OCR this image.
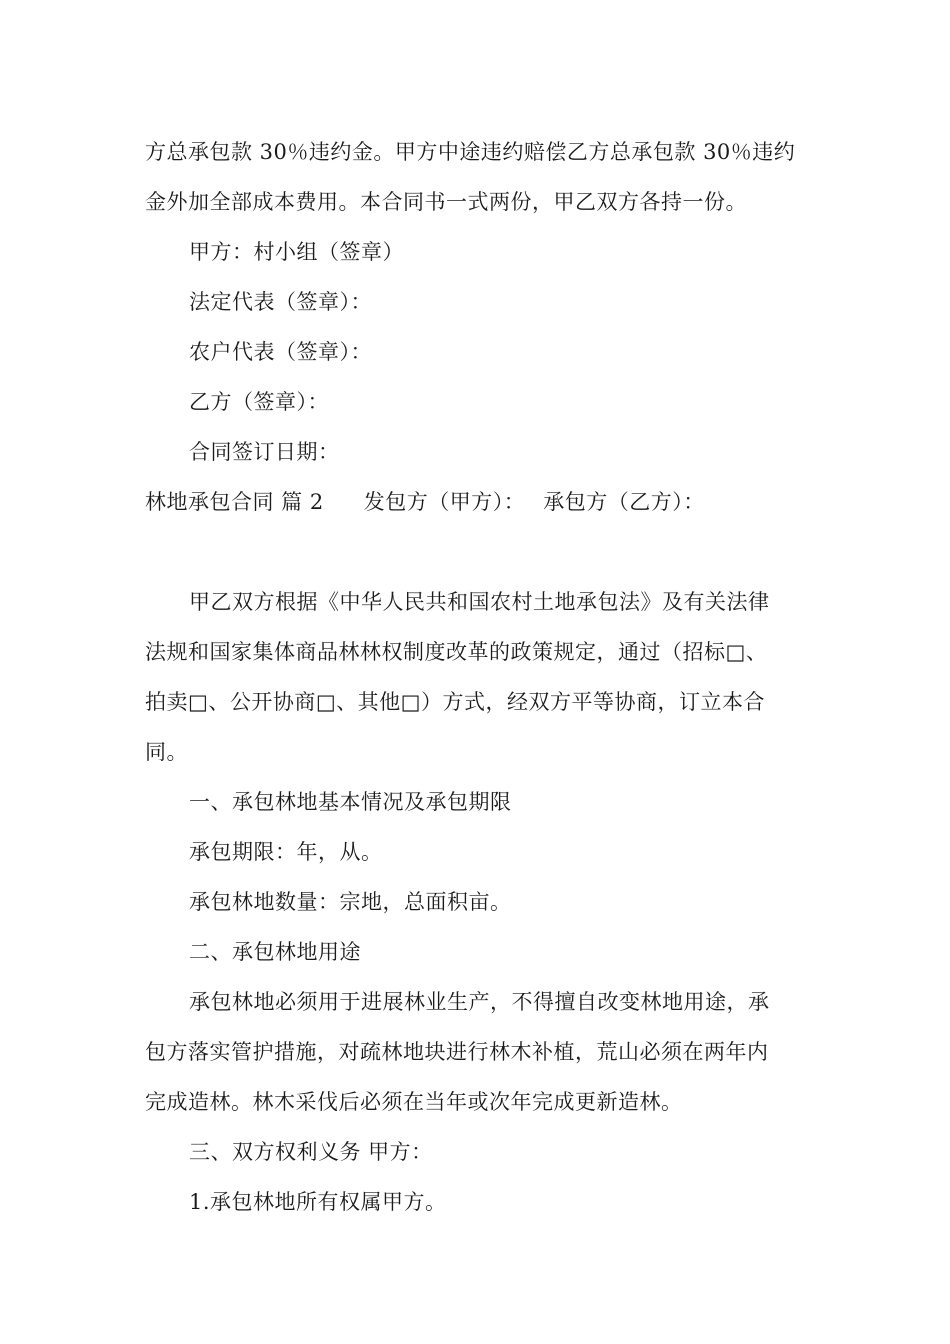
方总承包款 30％违约金。甲方中途违约赔偿乙方总承包款 30％违约
金外加全部成本费用。本合同书一式两份，甲乙双方各持一份。
甲方：村小组（签章）
法定代表（签章）：
农户代表（签章）：
乙方（签章）：
合同签订日期：
林地承包合同 篇 2 发包方（甲方）： 承包方（乙方）：
甲乙双方根据《中华人民共和国农村土地承包法》及有关法律
法规和国家集体商品林林权制度改革的政策规定，通过（招标□、
拍卖□、公开协商□、其他□）方式，经双方平等协商，订立本合
同。
一、承包林地基本情况及承包期限
承包期限：年，从。
承包林地数量：宗地，总面积亩。
二、承包林地用途
承包林地必须用于进展林业生产，不得擅自改变林地用途，承
包方落实管护措施，对疏林地块进行林木补植，荒山必须在两年内
完成造林。林木采伐后必须在当年或次年完成更新造林。
三、双方权利义务 甲方：
1.承包林地所有权属甲方。
